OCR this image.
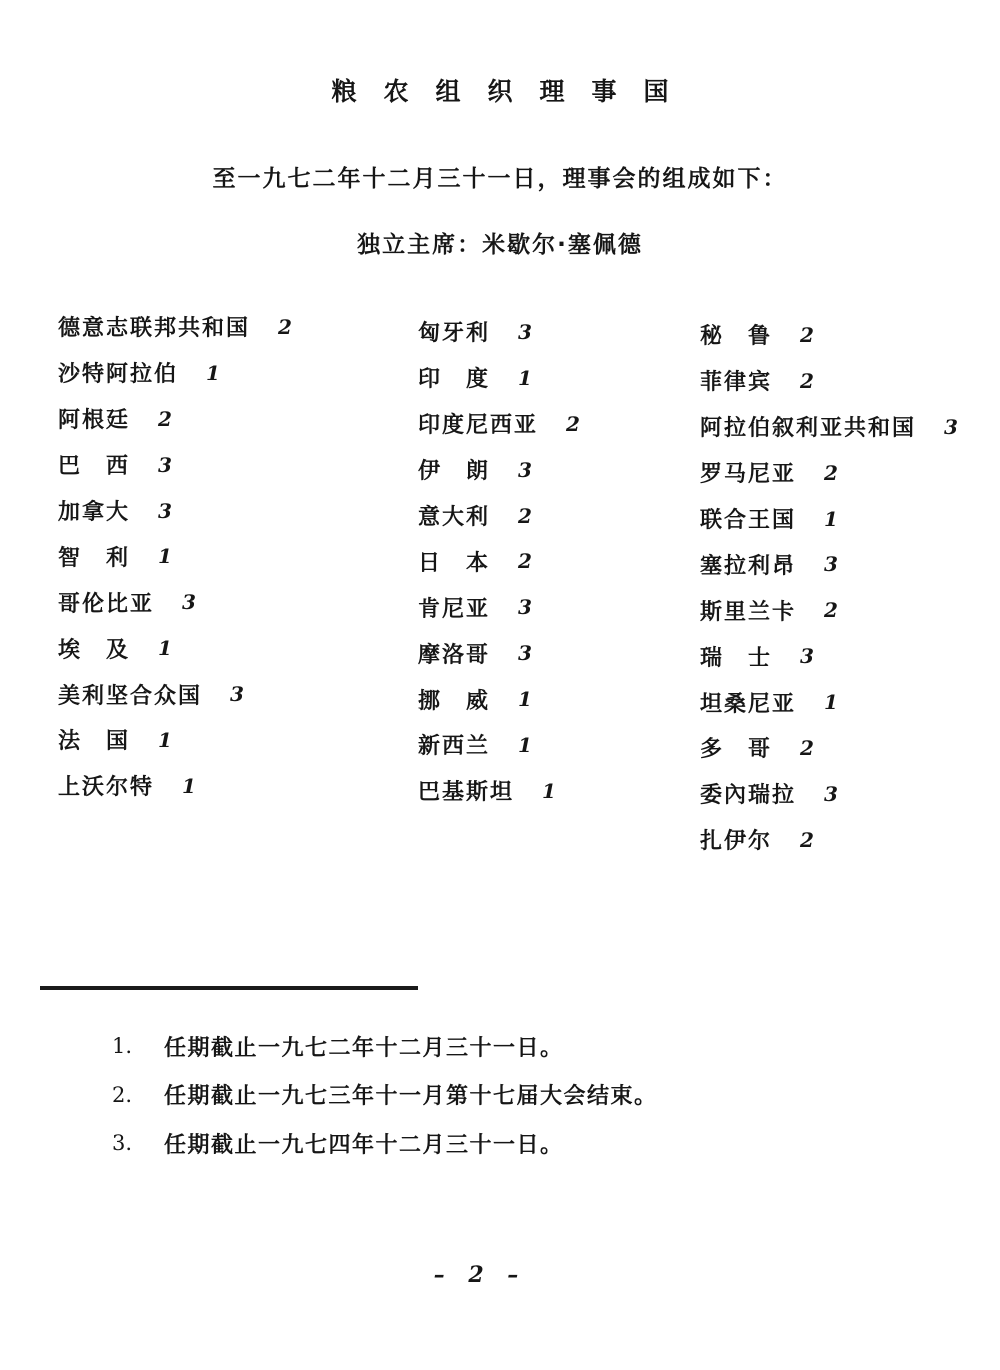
粮农组织理事国
至一九七二年十二月三十一日，理事会的组成如下：
独立主席：米歇尔·塞佩德
德意志联邦共和国 2
沙特阿拉伯 1
阿根廷 2
巴　西 3
加拿大 3
智　利 1
哥伦比亚 3
埃　及 1
美利坚合众国 3
法　国 1
上沃尔特 1
匈牙利 3
印　度 1
印度尼西亚 2
伊　朗 3
意大利 2
日　本 2
肯尼亚 3
摩洛哥 3
挪　威 1
新西兰 1
巴基斯坦 1
秘　鲁 2
菲律宾 2
阿拉伯叙利亚共和国 3
罗马尼亚 2
联合王国 1
塞拉利昂 3
斯里兰卡 2
瑞　士 3
坦桑尼亚 1
多　哥 2
委內瑞拉 3
扎伊尔 2
1.	任期截止一九七二年十二月三十一日。
2.	任期截止一九七三年十一月第十七届大会结束。
3.	任期截止一九七四年十二月三十一日。
– 2 –
